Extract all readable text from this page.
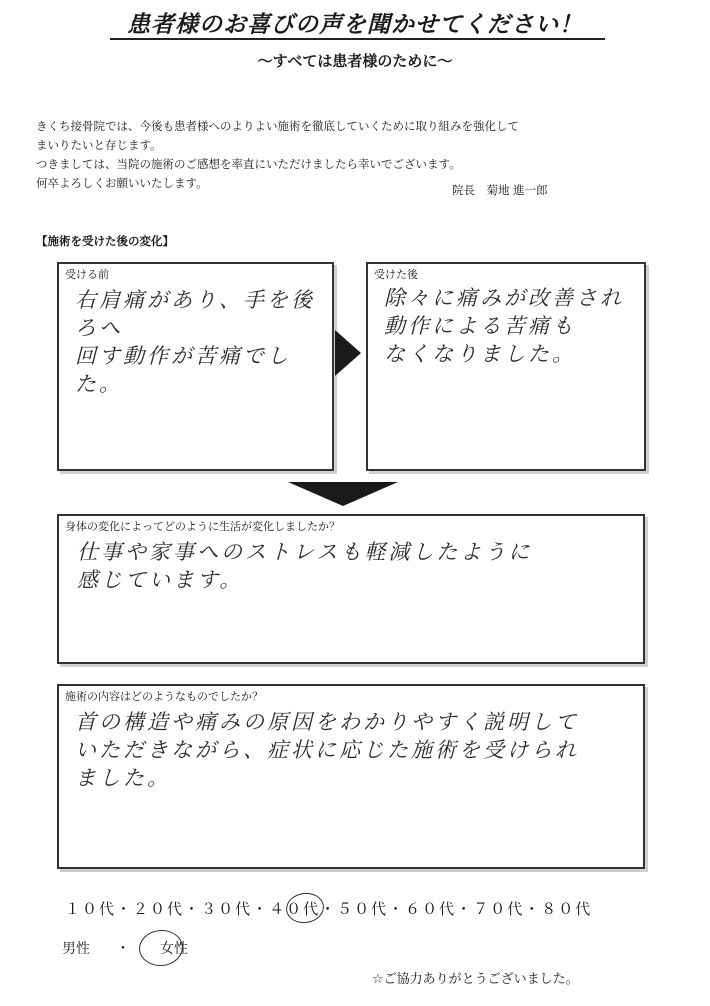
患者様のお喜びの声を聞かせてください！
～すべては患者様のために～

きくち接骨院では、今後も患者様へのよりよい施術を徹底していくために取り組みを強化して

まいりたいと存じます。

つきましては、当院の施術のご感想を率直にいただけましたら幸いでございます。

何卒よろしくお願いいたします。	院長　菊地 進一郎
【施術を受けた後の変化】
受ける前
右肩痛があり、手を後ろへ
回す動作が苦痛でした。
受けた後
除々に痛みが改善され
動作による苦痛も
なくなりました。
身体の変化によってどのように生活が変化しましたか？
仕事や家事へのストレスも軽減したように
感じています。
施術の内容はどのようなものでしたか？
首の構造や痛みの原因をわかりやすく説明して
いただきながら、症状に応じた施術を受けられ
ました。
１０代・２０代・３０代・４０代・５０代・６０代・７０代・８０代
男性 ・ 女性
☆ご協力ありがとうございました。
